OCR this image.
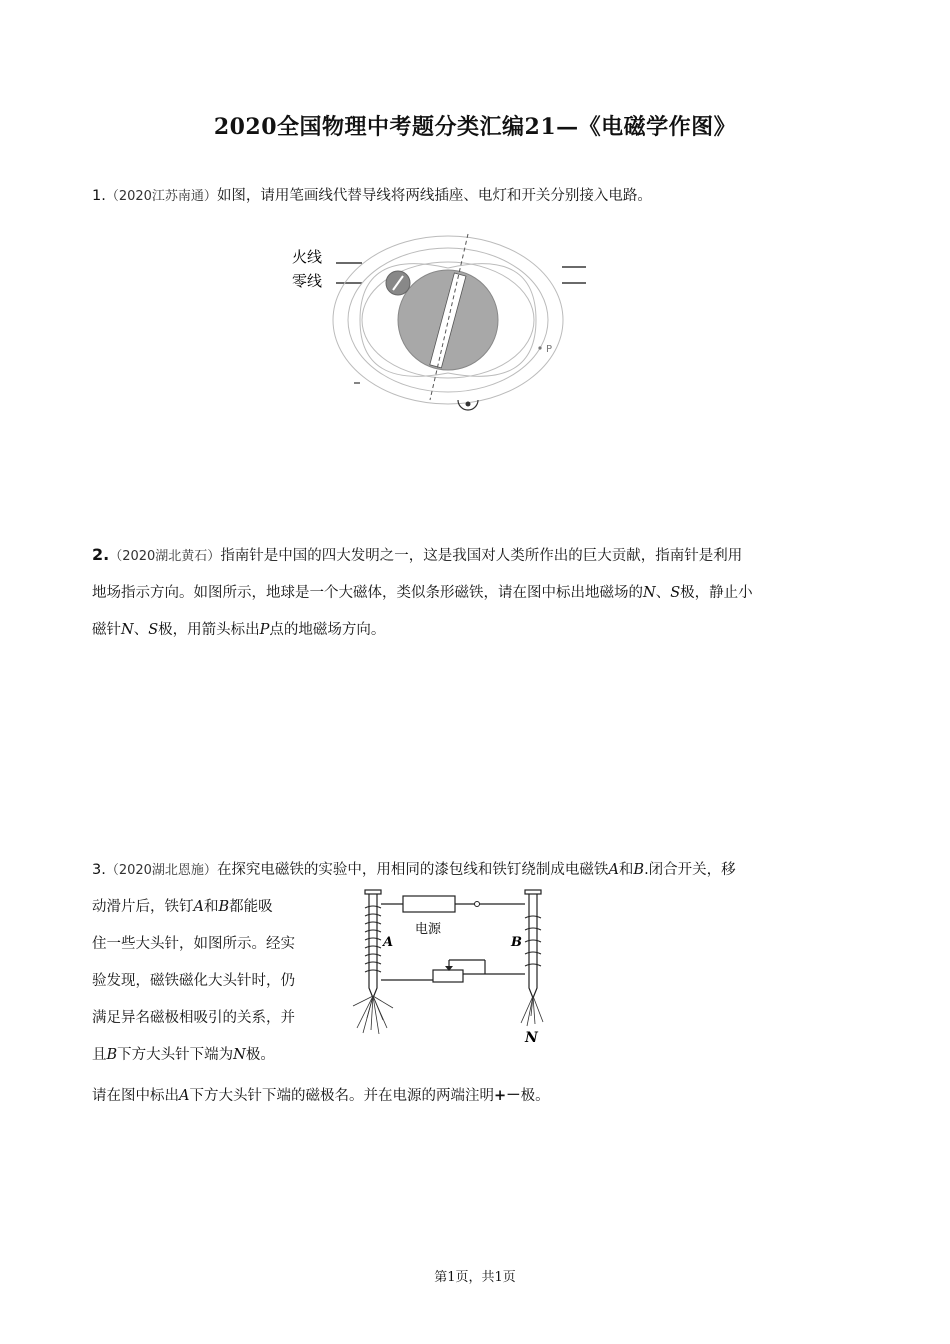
2020全国物理中考题分类汇编21—《电磁学作图》
1.（2020江苏南通）如图，请用笔画线代替导线将两线插座、电灯和开关分别接入电路。
火线
零线
P
2.（2020湖北黄石）指南针是中国的四大发明之一，这是我国对人类所作出的巨大贡献，指南针是利用
地场指示方向。如图所示，地球是一个大磁体，类似条形磁铁，请在图中标出地磁场的N、S极，静止小
磁针N、S极，用箭头标出P点的地磁场方向。
3.（2020湖北恩施）在探究电磁铁的实验中，用相同的漆包线和铁钉绕制成电磁铁A和B.闭合开关，移
动滑片后，铁钉A和B都能吸
住一些大头针，如图所示。经实
验发现，磁铁磁化大头针时，仍
满足异名磁极相吸引的关系，并
且B下方大头针下端为N极。
请在图中标出A下方大头针下端的磁极名。并在电源的两端注明+－极。
A	B
N
电源
第1页，共1页
